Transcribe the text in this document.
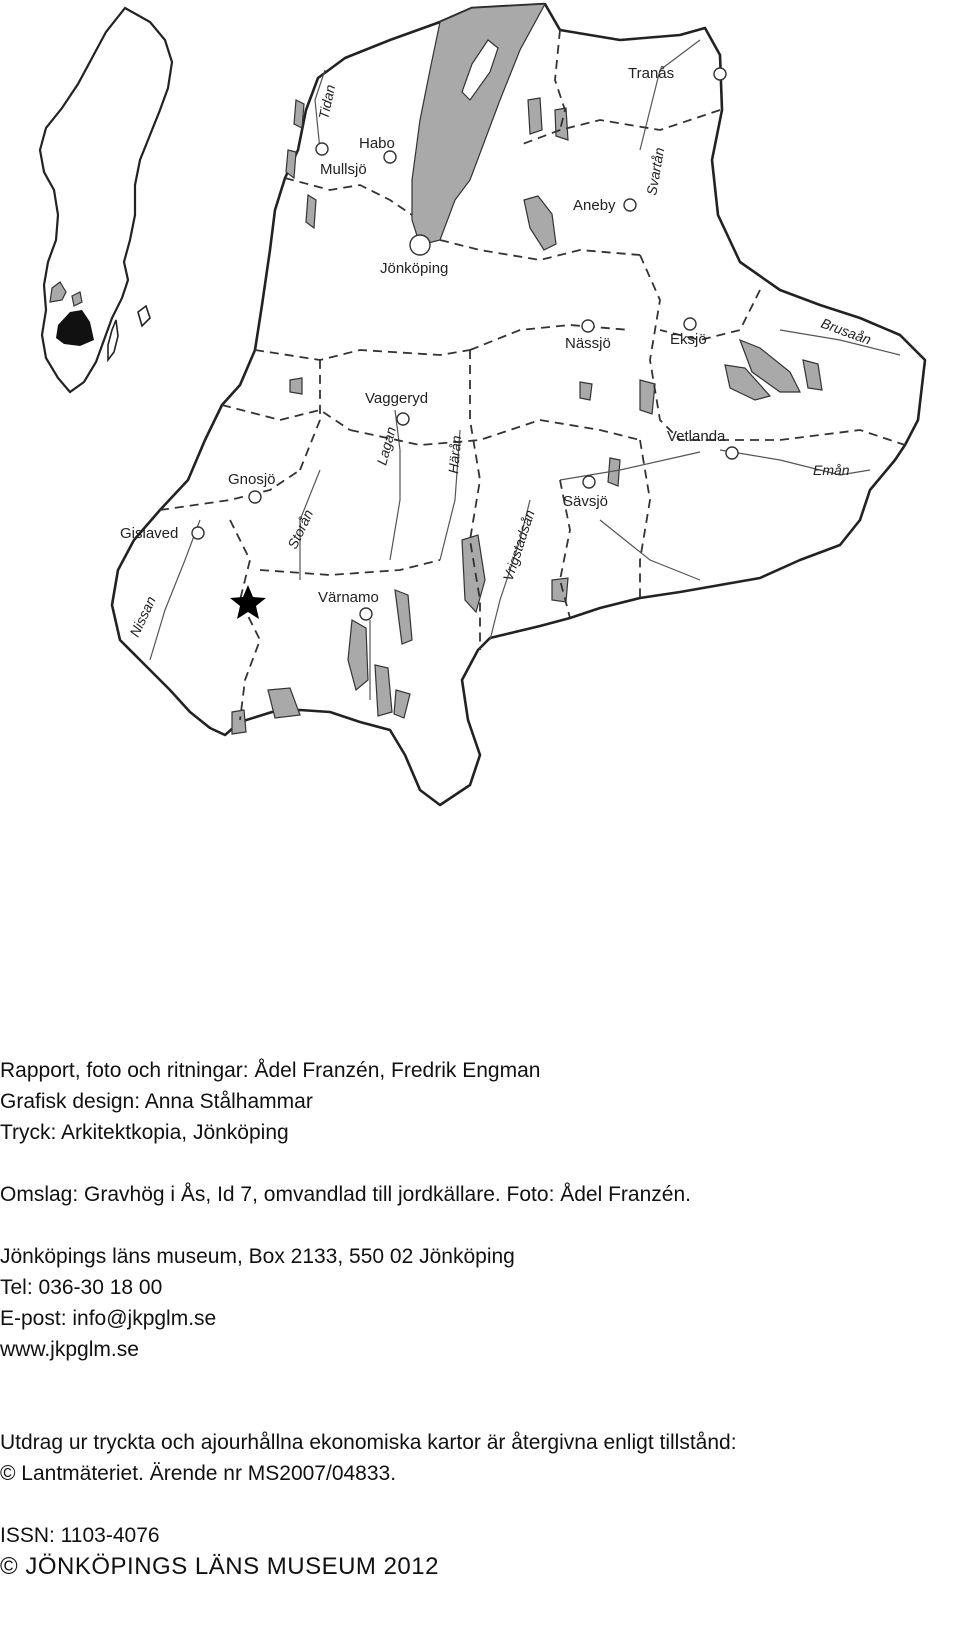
Tranås
Habo
Mullsjö
Aneby
Jönköping
Nässjö	Eksjö
Vaggeryd
Vetlanda
Gnosjö
Sävsjö
Gislaved
Värnamo
Tidan
Svartån
Brusaån
Lagan	Härån	Emån
Storån	Vrigstadsån
Nissan

Rapport, foto och ritningar: Ådel Franzén, Fredrik Engman

Grafisk design: Anna Stålhammar

Tryck: Arkitektkopia, Jönköping

Omslag: Gravhög i Ås, Id 7, omvandlad till jordkällare. Foto: Ådel Franzén.

Jönköpings läns museum, Box 2133, 550 02 Jönköping

Tel: 036-30 18 00

E-post: info@jkpglm.se

www.jkpglm.se

Utdrag ur tryckta och ajourhållna ekonomiska kartor är återgivna enligt tillstånd:

© Lantmäteriet. Ärende nr MS2007/04833.

ISSN: 1103-4076

© JÖNKÖPINGS LÄNS MUSEUM 2012
